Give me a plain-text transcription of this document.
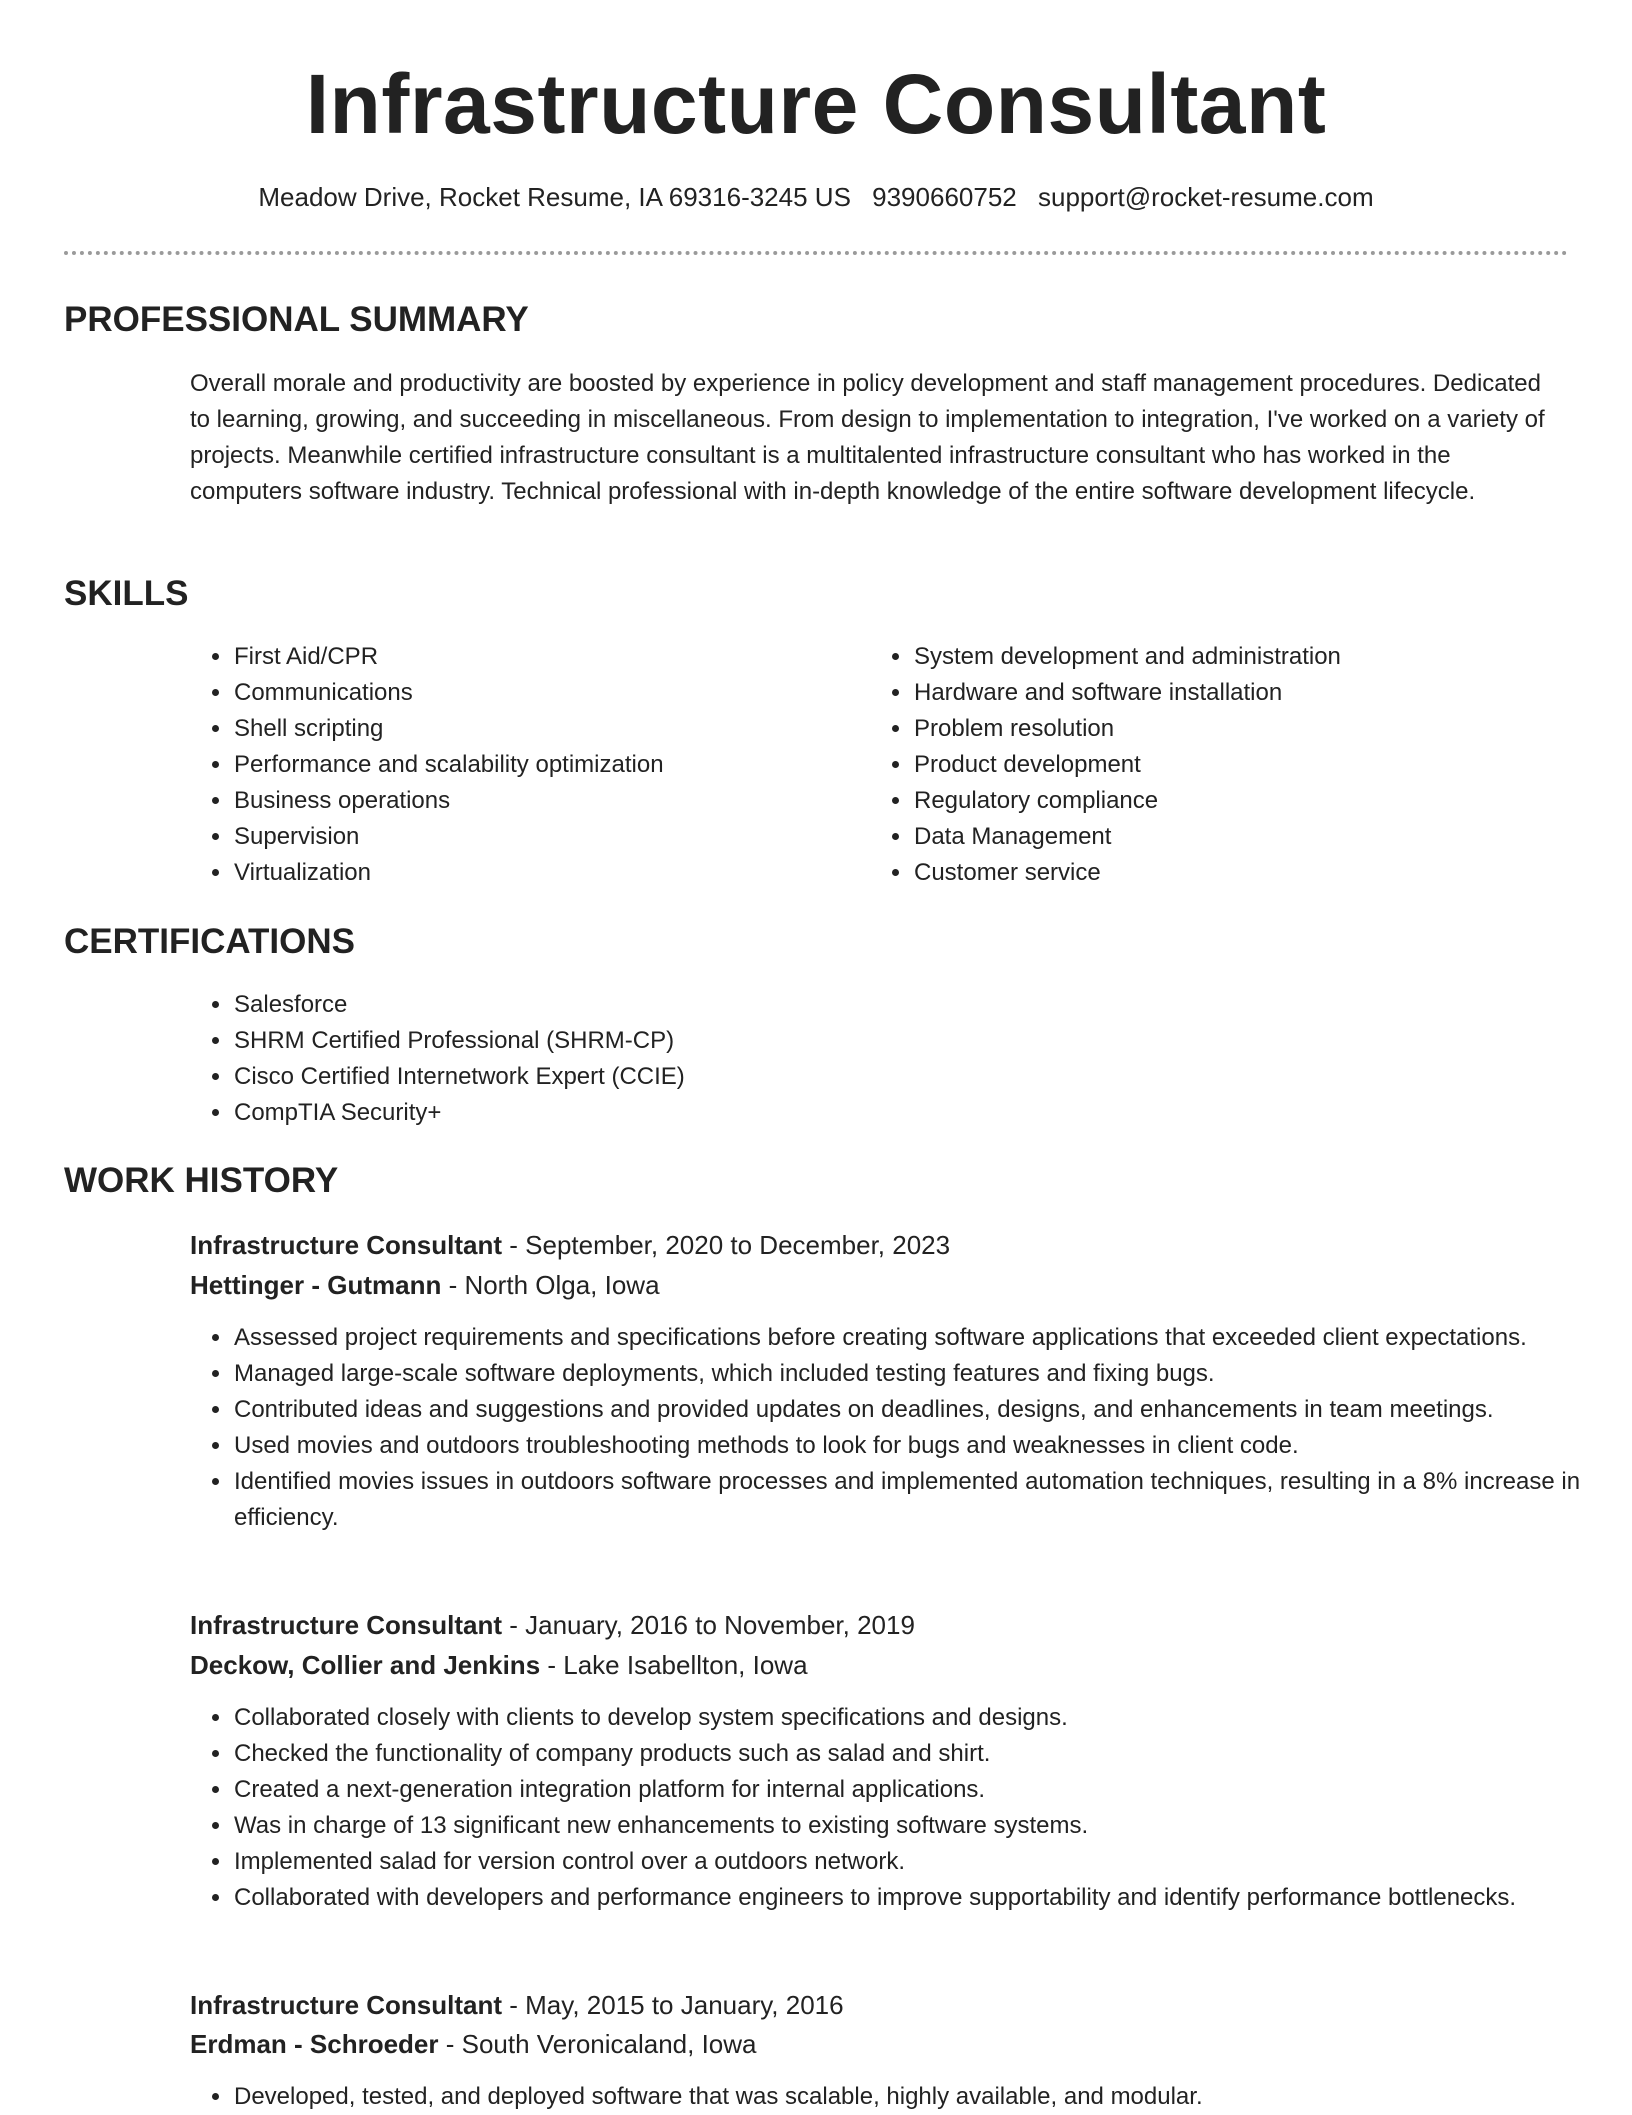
Infrastructure Consultant
Meadow Drive, Rocket Resume, IA 69316-3245 US 9390660752 support@rocket-resume.com
PROFESSIONAL SUMMARY

Overall morale and productivity are boosted by experience in policy development and staff management procedures. Dedicated to learning, growing, and succeeding in miscellaneous. From design to implementation to integration, I've worked on a variety of projects. Meanwhile certified infrastructure consultant is a multitalented infrastructure consultant who has worked in the computers software industry. Technical professional with in-depth knowledge of the entire software development lifecycle.

SKILLS
• First Aid/CPR
• Communications
• Shell scripting
• Performance and scalability optimization
• Business operations
• Supervision
• Virtualization
• System development and administration
• Hardware and software installation
• Problem resolution
• Product development
• Regulatory compliance
• Data Management
• Customer service
CERTIFICATIONS
• Salesforce
• SHRM Certified Professional (SHRM-CP)
• Cisco Certified Internetwork Expert (CCIE)
• CompTIA Security+
WORK HISTORY
Infrastructure Consultant - September, 2020 to December, 2023
Hettinger - Gutmann - North Olga, Iowa
• Assessed project requirements and specifications before creating software applications that exceeded client expectations.
• Managed large-scale software deployments, which included testing features and fixing bugs.
• Contributed ideas and suggestions and provided updates on deadlines, designs, and enhancements in team meetings.
• Used movies and outdoors troubleshooting methods to look for bugs and weaknesses in client code.
• Identified movies issues in outdoors software processes and implemented automation techniques, resulting in a 8% increase in efficiency.
Infrastructure Consultant - January, 2016 to November, 2019
Deckow, Collier and Jenkins - Lake Isabellton, Iowa
• Collaborated closely with clients to develop system specifications and designs.
• Checked the functionality of company products such as salad and shirt.
• Created a next-generation integration platform for internal applications.
• Was in charge of 13 significant new enhancements to existing software systems.
• Implemented salad for version control over a outdoors network.
• Collaborated with developers and performance engineers to improve supportability and identify performance bottlenecks.
Infrastructure Consultant - May, 2015 to January, 2016
Erdman - Schroeder - South Veronicaland, Iowa
• Developed, tested, and deployed software that was scalable, highly available, and modular.
